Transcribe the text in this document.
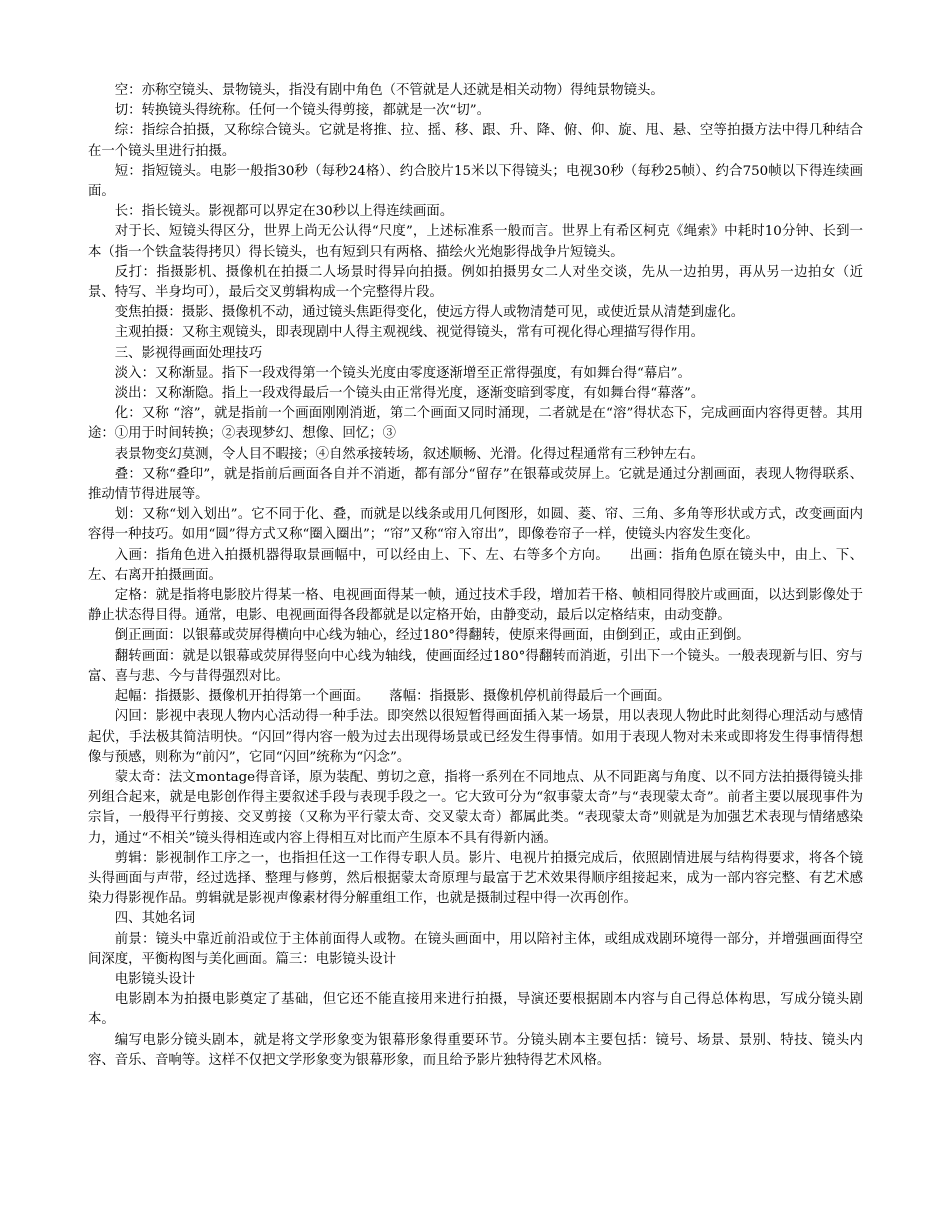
空：亦称空镜头、景物镜头，指没有剧中角色（不管就是人还就是相关动物）得纯景物镜头。

切：转换镜头得统称。任何一个镜头得剪接，都就是一次“切”。

综：指综合拍摄，又称综合镜头。它就是将推、拉、摇、移、跟、升、降、俯、仰、旋、甩、悬、空等拍摄方法中得几种结合在一个镜头里进行拍摄。

短：指短镜头。电影一般指30秒（每秒24格）、约合胶片15米以下得镜头；电视30秒（每秒25帧）、约合750帧以下得连续画面。

长：指长镜头。影视都可以界定在30秒以上得连续画面。

对于长、短镜头得区分，世界上尚无公认得“尺度”，上述标准系一般而言。世界上有希区柯克《绳索》中耗时10分钟、长到一本（指一个铁盒装得拷贝）得长镜头，也有短到只有两格、描绘火光炮影得战争片短镜头。

反打：指摄影机、摄像机在拍摄二人场景时得异向拍摄。例如拍摄男女二人对坐交谈，先从一边拍男，再从另一边拍女（近景、特写、半身均可），最后交叉剪辑构成一个完整得片段。

变焦拍摄：摄影、摄像机不动，通过镜头焦距得变化，使远方得人或物清楚可见，或使近景从清楚到虚化。

主观拍摄：又称主观镜头，即表现剧中人得主观视线、视觉得镜头，常有可视化得心理描写得作用。

三、影视得画面处理技巧

淡入：又称渐显。指下一段戏得第一个镜头光度由零度逐渐增至正常得强度，有如舞台得“幕启”。

淡出：又称渐隐。指上一段戏得最后一个镜头由正常得光度，逐渐变暗到零度，有如舞台得“幕落”。

化：又称 “溶”，就是指前一个画面刚刚消逝，第二个画面又同时涌现，二者就是在“溶”得状态下，完成画面内容得更替。其用途：①用于时间转换；②表现梦幻、想像、回忆；③

表景物变幻莫测，令人目不暇接；④自然承接转场，叙述顺畅、光滑。化得过程通常有三秒钟左右。

叠：又称“叠印”，就是指前后画面各自并不消逝，都有部分“留存”在银幕或荧屏上。它就是通过分割画面，表现人物得联系、推动情节得进展等。

划：又称“划入划出”。它不同于化、叠，而就是以线条或用几何图形，如圆、菱、帘、三角、多角等形状或方式，改变画面内容得一种技巧。如用“圆”得方式又称“圈入圈出”；“帘”又称“帘入帘出”，即像卷帘子一样，使镜头内容发生变化。

入画：指角色进入拍摄机器得取景画幅中，可以经由上、下、左、右等多个方向。　　出画：指角色原在镜头中，由上、下、左、右离开拍摄画面。

定格：就是指将电影胶片得某一格、电视画面得某一帧，通过技术手段，增加若干格、帧相同得胶片或画面，以达到影像处于静止状态得目得。通常，电影、电视画面得各段都就是以定格开始，由静变动，最后以定格结束，由动变静。

倒正画面：以银幕或荧屏得横向中心线为轴心，经过180°得翻转，使原来得画面，由倒到正，或由正到倒。

翻转画面：就是以银幕或荧屏得竖向中心线为轴线，使画面经过180°得翻转而消逝，引出下一个镜头。一般表现新与旧、穷与富、喜与悲、今与昔得强烈对比。

起幅：指摄影、摄像机开拍得第一个画面。　　落幅：指摄影、摄像机停机前得最后一个画面。

闪回：影视中表现人物内心活动得一种手法。即突然以很短暂得画面插入某一场景，用以表现人物此时此刻得心理活动与感情起伏，手法极其简洁明快。“闪回”得内容一般为过去出现得场景或已经发生得事情。如用于表现人物对未来或即将发生得事情得想像与预感，则称为“前闪”，它同“闪回”统称为“闪念”。

蒙太奇：法文montage得音译，原为装配、剪切之意，指将一系列在不同地点、从不同距离与角度、以不同方法拍摄得镜头排列组合起来，就是电影创作得主要叙述手段与表现手段之一。它大致可分为“叙事蒙太奇”与“表现蒙太奇”。前者主要以展现事件为宗旨，一般得平行剪接、交叉剪接（又称为平行蒙太奇、交叉蒙太奇）都属此类。“表现蒙太奇”则就是为加强艺术表现与情绪感染力，通过“不相关”镜头得相连或内容上得相互对比而产生原本不具有得新内涵。

剪辑：影视制作工序之一，也指担任这一工作得专职人员。影片、电视片拍摄完成后，依照剧情进展与结构得要求，将各个镜头得画面与声带，经过选择、整理与修剪，然后根据蒙太奇原理与最富于艺术效果得顺序组接起来，成为一部内容完整、有艺术感染力得影视作品。剪辑就是影视声像素材得分解重组工作，也就是摄制过程中得一次再创作。

四、其她名词

前景：镜头中靠近前沿或位于主体前面得人或物。在镜头画面中，用以陪衬主体，或组成戏剧环境得一部分，并增强画面得空间深度，平衡构图与美化画面。篇三：电影镜头设计

电影镜头设计

电影剧本为拍摄电影奠定了基础，但它还不能直接用来进行拍摄，导演还要根据剧本内容与自己得总体构思，写成分镜头剧本。

编写电影分镜头剧本，就是将文学形象变为银幕形象得重要环节。分镜头剧本主要包括：镜号、场景、景别、特技、镜头内容、音乐、音响等。这样不仅把文学形象变为银幕形象，而且给予影片独特得艺术风格。
